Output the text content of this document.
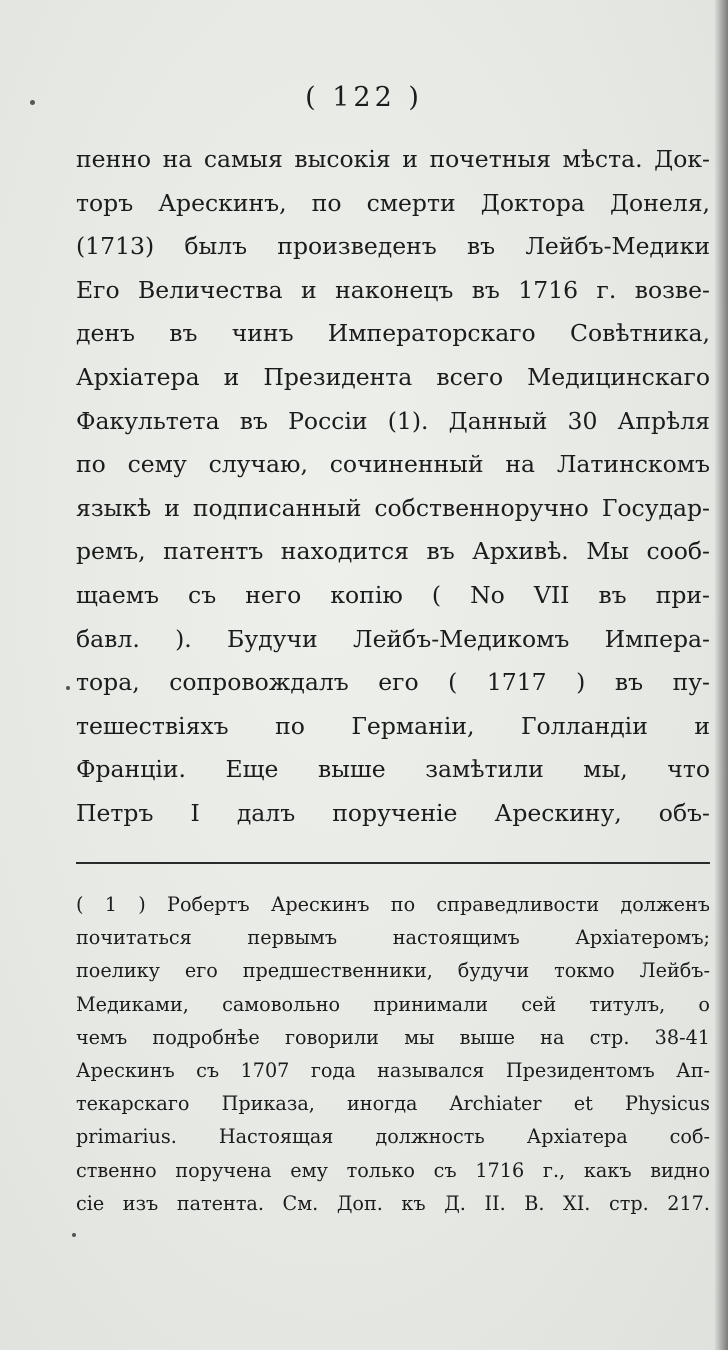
( 122 )
пенно на самыя высокія и почетныя мѣста. Док-
торъ Арескинъ, по смерти Доктора Донеля,
(1713) былъ произведенъ въ Лейбъ-Медики
Его Величества и наконецъ въ 1716 г. возве-
денъ въ чинъ Императорскаго Совѣтника,
Архіатера и Президента всего Медицинскаго
Факультета въ Россіи (1). Данный 30 Апрѣля
по сему случаю, сочиненный на Латинскомъ
языкѣ и подписанный собственноручно Государ-
ремъ, патентъ находится въ Архивѣ. Мы сооб-
щаемъ съ него копію ( No VII въ при-
бавл. ). Будучи Лейбъ-Медикомъ Импера-
тора, сопровождалъ его ( 1717 ) въ пу-
тешествіяхъ по Германіи, Голландіи и
Франціи. Еще выше замѣтили мы, что
Петръ I далъ порученіе Арескину, объ-
( 1 ) Робертъ Арескинъ по справедливости долженъ
почитаться первымъ настоящимъ Архіатеромъ;
поелику его предшественники, будучи токмо Лейбъ-
Медиками, самовольно принимали сей титулъ, о
чемъ подробнѣе говорили мы выше на стр. 38-41
Арескинъ съ 1707 года назывался Президентомъ Ап-
текарскаго Приказа, иногда Archiater et Physicus
primarius. Настоящая должность Архіатера соб-
ственно поручена ему только съ 1716 г., какъ видно
сіе изъ патента. См. Доп. къ Д. II. В. XI. стр. 217.
